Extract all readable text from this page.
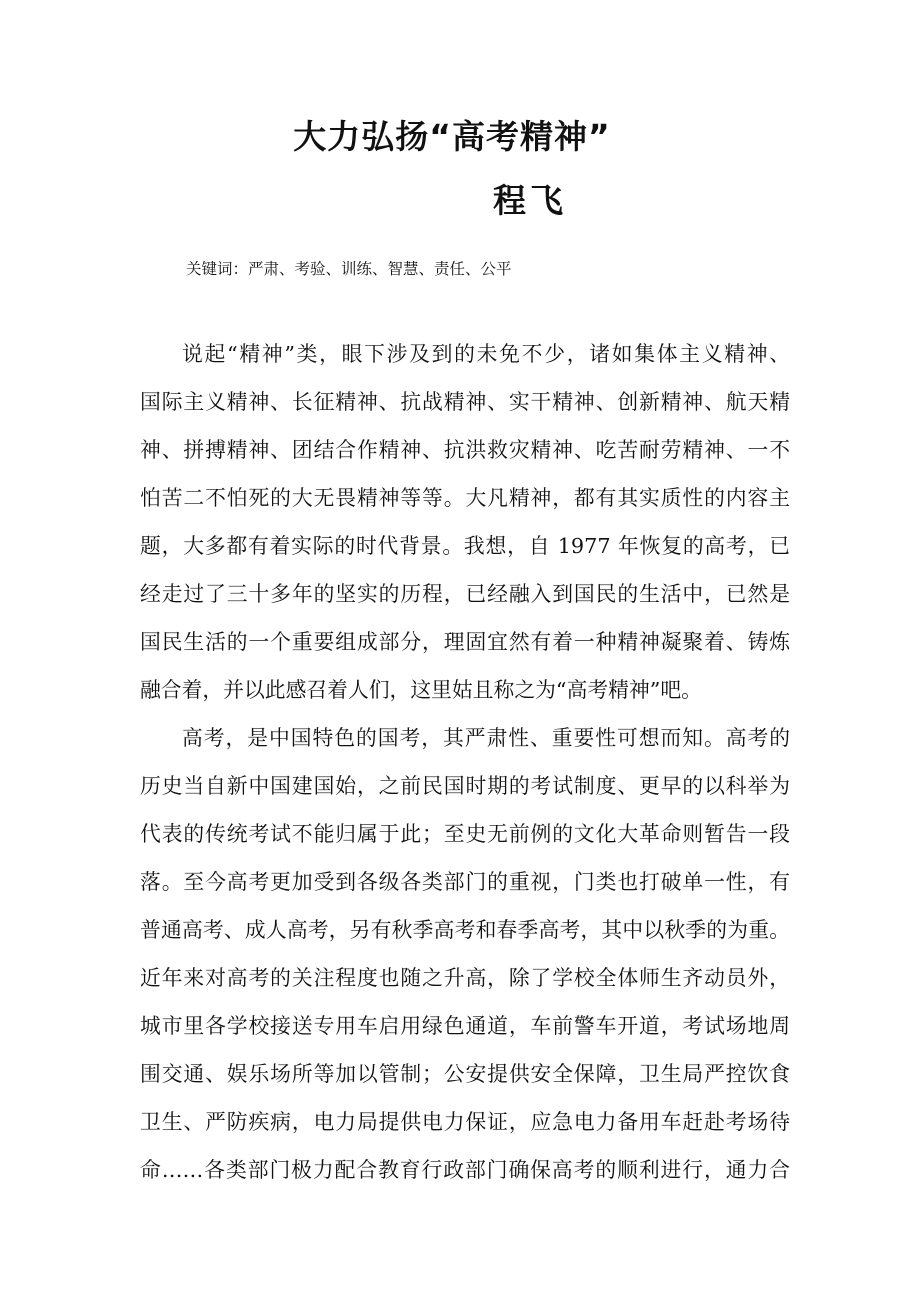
大力弘扬“高考精神”
程飞
关键词：严肃、考验、训练、智慧、责任、公平
说起“精神”类，眼下涉及到的未免不少，诸如集体主义精神、
国际主义精神、长征精神、抗战精神、实干精神、创新精神、航天精
神、拼搏精神、团结合作精神、抗洪救灾精神、吃苦耐劳精神、一不
怕苦二不怕死的大无畏精神等等。大凡精神，都有其实质性的内容主
题，大多都有着实际的时代背景。我想，自 1977 年恢复的高考，已
经走过了三十多年的坚实的历程，已经融入到国民的生活中，已然是
国民生活的一个重要组成部分，理固宜然有着一种精神凝聚着、铸炼
融合着，并以此感召着人们，这里姑且称之为“高考精神”吧。
高考，是中国特色的国考，其严肃性、重要性可想而知。高考的
历史当自新中国建国始，之前民国时期的考试制度、更早的以科举为
代表的传统考试不能归属于此；至史无前例的文化大革命则暂告一段
落。至今高考更加受到各级各类部门的重视，门类也打破单一性，有
普通高考、成人高考，另有秋季高考和春季高考，其中以秋季的为重。
近年来对高考的关注程度也随之升高，除了学校全体师生齐动员外，
城市里各学校接送专用车启用绿色通道，车前警车开道，考试场地周
围交通、娱乐场所等加以管制；公安提供安全保障，卫生局严控饮食
卫生、严防疾病，电力局提供电力保证，应急电力备用车赶赴考场待
命……各类部门极力配合教育行政部门确保高考的顺利进行，通力合
